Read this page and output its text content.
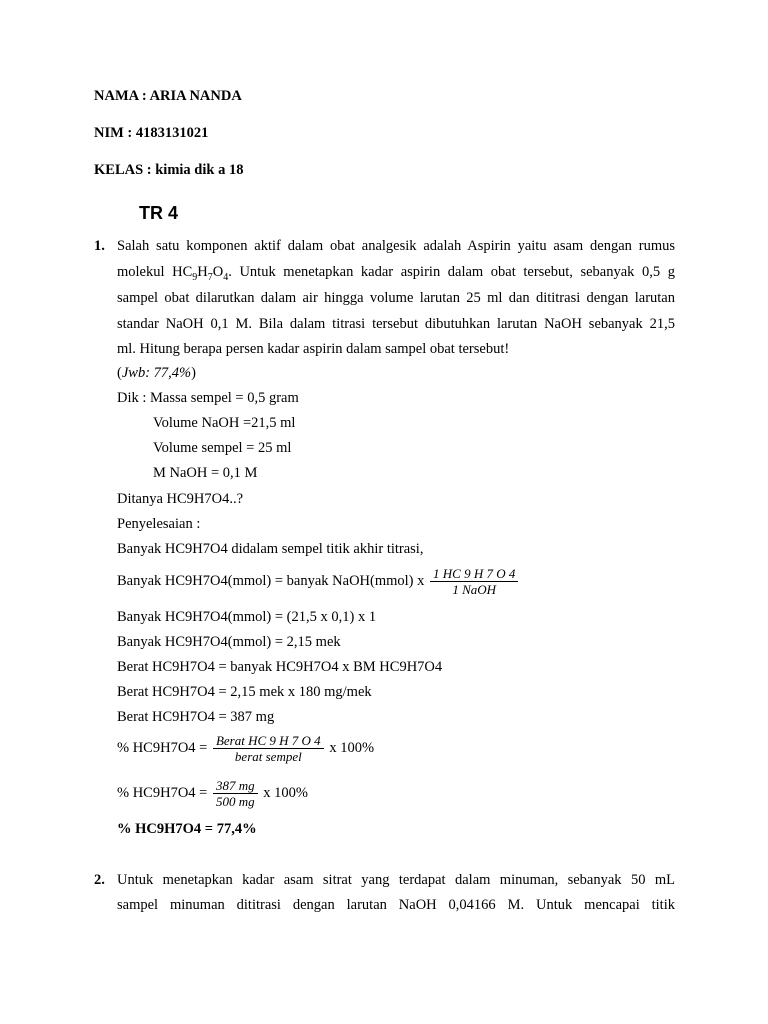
NAMA : ARIA NANDA
NIM : 4183131021
KELAS : kimia dik a 18
TR 4
1. Salah satu komponen aktif dalam obat analgesik adalah Aspirin yaitu asam dengan rumus
molekul $HC_9H_7O_4$. Untuk menetapkan kadar aspirin dalam obat tersebut, sebanyak 0,5 g
sampel obat dilarutkan dalam air hingga volume larutan 25 ml dan dititrasi dengan larutan
standar NaOH 0,1 M. Bila dalam titrasi tersebut dibutuhkan larutan NaOH sebanyak 21,5
ml. Hitung berapa persen kadar aspirin dalam sampel obat tersebut!
(Jwb: 77,4%)
Dik : Massa sempel = 0,5 gram
Volume NaOH =21,5 ml
Volume sempel = 25 ml
M NaOH = 0,1 M
Ditanya HC9H7O4..?
Penyelesaian :
Banyak HC9H7O4 didalam sempel titik akhir titrasi,
Banyak HC9H7O4(mmol) = banyak NaOH(mmol) x $\frac{1 HC 9 H 7 O 4}{\text{1 NaOH}}$
Banyak HC9H7O4(mmol) = (21,5 x 0,1) x 1
Banyak HC9H7O4(mmol) = 2,15 mek
Berat HC9H7O4 = banyak HC9H7O4 x BM HC9H7O4
Berat HC9H7O4 = 2,15 mek x 180 mg/mek
Berat HC9H7O4 = 387 mg
% $HC9H7O4 = \frac{\text{Berat HC 9 H 7 O 4}}{\text{berat sempel}}$ x 100%
% $HC9H7O4 = \frac{387 mg}{500 mg}$ x 100%
% HC9H7O4 = 77,4%
2. Untuk menetapkan kadar asam sitrat yang terdapat dalam minuman, sebanyak 50 mL
sampel minuman dititrasi dengan larutan NaOH 0,04166 M. Untuk mencapai titik
